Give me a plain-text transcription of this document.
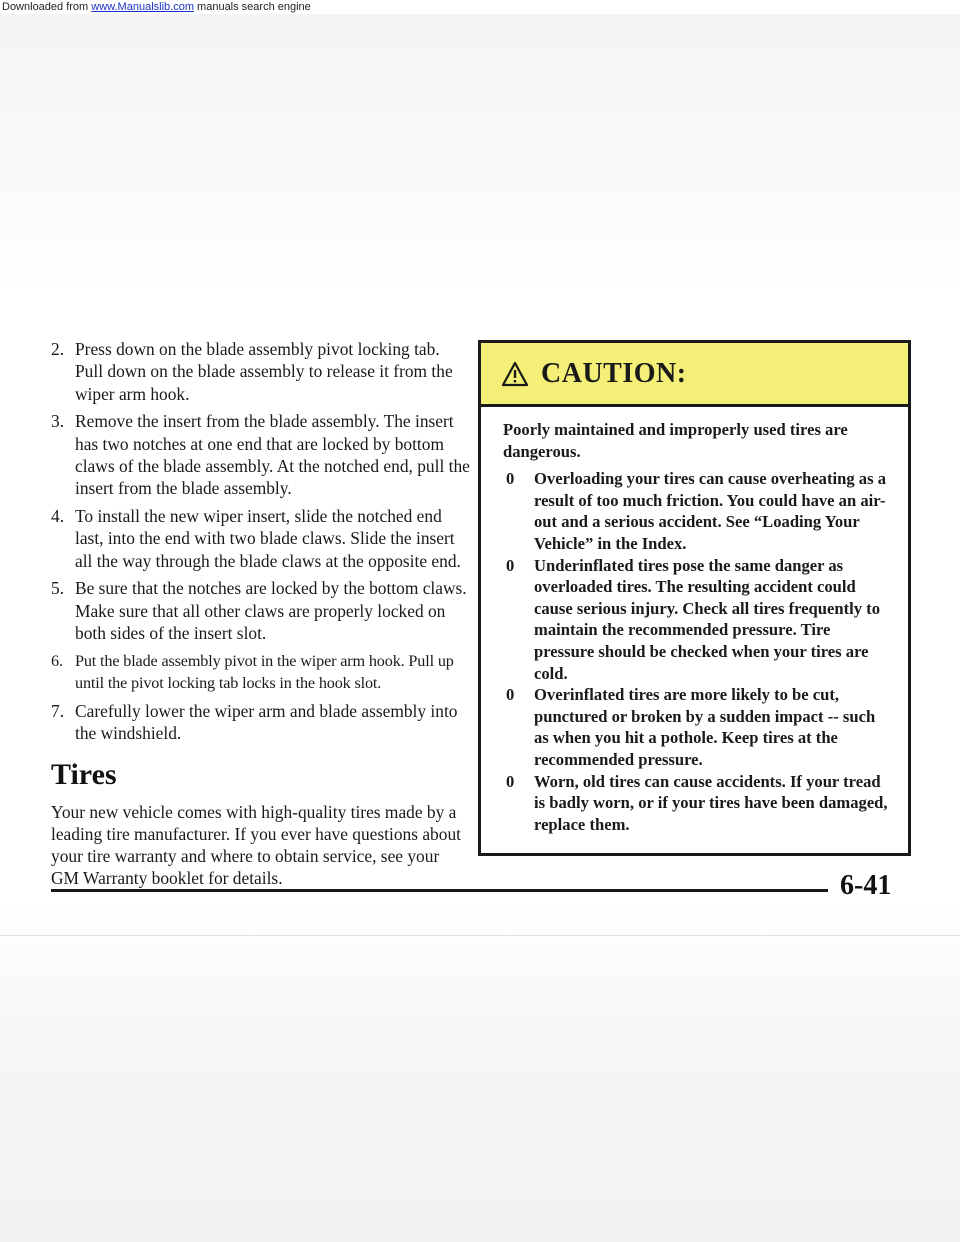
Downloaded from www.Manualslib.com manuals search engine
2. Press down on the blade assembly pivot locking tab. Pull down on the blade assembly to release it from the wiper arm hook.
3. Remove the insert from the blade assembly. The insert has two notches at one end that are locked by bottom claws of the blade assembly. At the notched end, pull the insert from the blade assembly.
4. To install the new wiper insert, slide the notched end last, into the end with two blade claws. Slide the insert all the way through the blade claws at the opposite end.
5. Be sure that the notches are locked by the bottom claws. Make sure that all other claws are properly locked on both sides of the insert slot.
6. Put the blade assembly pivot in the wiper arm hook. Pull up until the pivot locking tab locks in the hook slot.
7. Carefully lower the wiper arm and blade assembly into the windshield.
Tires

Your new vehicle comes with high-quality tires made by a leading tire manufacturer. If you ever have questions about your tire warranty and where to obtain service, see your GM Warranty booklet for details.

CAUTION:

Poorly maintained and improperly used tires are dangerous.

0 Overloading your tires can cause overheating as a result of too much friction. You could have an air-out and a serious accident. See “Loading Your Vehicle” in the Index.
0 Underinflated tires pose the same danger as overloaded tires. The resulting accident could cause serious injury. Check all tires frequently to maintain the recommended pressure. Tire pressure should be checked when your tires are cold.
0 Overinflated tires are more likely to be cut, punctured or broken by a sudden impact -- such as when you hit a pothole. Keep tires at the recommended pressure.
0 Worn, old tires can cause accidents. If your tread is badly worn, or if your tires have been damaged, replace them.
6-41
